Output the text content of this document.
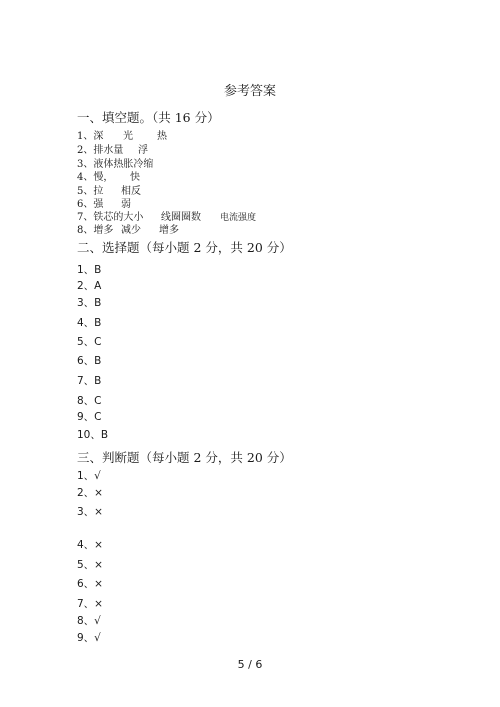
参考答案
一、填空题。（共 16 分）
1、深 光 热
2、排水量 浮
3、液体热胀冷缩
4、慢， 快
5、拉 相反
6、强 弱
7、铁芯的大小 线圈圈数 电流强度
8、增多 减少 增多
二、选择题（每小题 2 分，共 20 分）
1、B
2、A
3、B
4、B
5、C
6、B
7、B
8、C
9、C
10、B
三、判断题（每小题 2 分，共 20 分）
1、√
2、×
3、×
4、×
5、×
6、×
7、×
8、√
9、√
5 / 6
